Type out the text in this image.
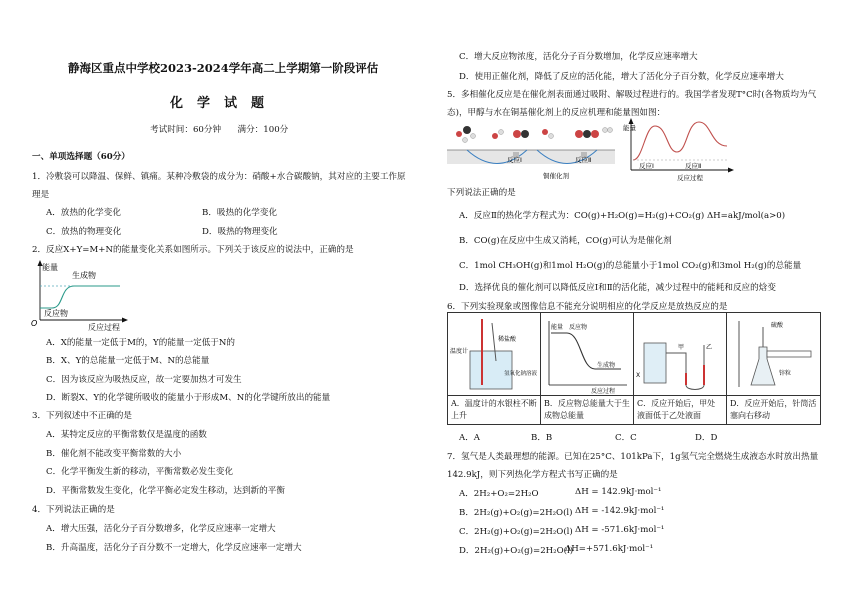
静海区重点中学校2023-2024学年高二上学期第一阶段评估
化学试题
考试时间：60分钟      满分：100分
一、单项选择题（60分）
1．冷敷袋可以降温、保鲜、镇痛。某种冷敷袋的成分为：硝酸+水合碳酸钠，其对应的主要工作原
理是
A．放热的化学变化	B．吸热的化学变化
C．放热的物理变化	D．吸热的物理变化
2．反应X+Y=M+N的能量变化关系如图所示。下列关于该反应的说法中，正确的是
能量
生成物
反应物
O	反应过程
A．X的能量一定低于M的，Y的能量一定低于N的
B．X、Y的总能量一定低于M、N的总能量
C．因为该反应为吸热反应，故一定要加热才可发生
D．断裂X、Y的化学键所吸收的能量小于形成M、N的化学键所放出的能量
3．下列叙述中不正确的是
A．某特定反应的平衡常数仅是温度的函数
B．催化剂不能改变平衡常数的大小
C．化学平衡发生新的移动，平衡常数必发生变化
D．平衡常数发生变化，化学平衡必定发生移动，达到新的平衡
4．下列说法正确的是
A．增大压强，活化分子百分数增多，化学反应速率一定增大
B．升高温度，活化分子百分数不一定增大，化学反应速率一定增大
C．增大反应物浓度，活化分子百分数增加，化学反应速率增大
D．使用正催化剂，降低了反应的活化能，增大了活化分子百分数，化学反应速率增大
5．多相催化反应是在催化剂表面通过吸附、解吸过程进行的。我国学者发现T°C时(各物质均为气
态)，甲醇与水在铜基催化剂上的反应机理和能量图如图：
反应Ⅰ	反应Ⅱ
铜催化剂
能量
反应Ⅰ	反应Ⅱ
反应过程
下列说法正确的是
A．反应Ⅱ的热化学方程式为：CO(g)+H₂O(g)=H₂(g)+CO₂(g) ΔH=akJ/mol(a>0)
B．CO(g)在反应中生成又消耗，CO(g)可认为是催化剂
C．1mol CH₃OH(g)和1mol H₂O(g)的总能量小于1mol CO₂(g)和3mol H₂(g)的总能量
D．选择优良的催化剂可以降低反应Ⅰ和Ⅱ的活化能，减少过程中的能耗和反应的焓变
6．下列实验现象或图像信息不能充分说明相应的化学反应是放热反应的是
温度计
稀盐酸
氢氧化钠溶液
能量 反应物
生成物
反应过程
甲	乙
X
硫酸
锌粒
A．温度计的水银柱不断上升
B．反应物总能量大于生成物总能量
C．反应开始后，甲处液面低于乙处液面
D．反应开始后，针筒活塞向右移动
A．A	B．B	C．C	D．D
7．氢气是人类最理想的能源。已知在25°C、101kPa下，1g氢气完全燃烧生成液态水时放出热量
142.9kJ，则下列热化学方程式书写正确的是
A．2H₂+O₂=2H₂O	ΔH = 142.9kJ·mol⁻¹
B．2H₂(g)+O₂(g)=2H₂O(l) ΔH = -142.9kJ·mol⁻¹
C．2H₂(g)+O₂(g)=2H₂O(l) ΔH = -571.6kJ·mol⁻¹
D．2H₂(g)+O₂(g)=2H₂O(l)
ΔH=+571.6kJ·mol⁻¹
